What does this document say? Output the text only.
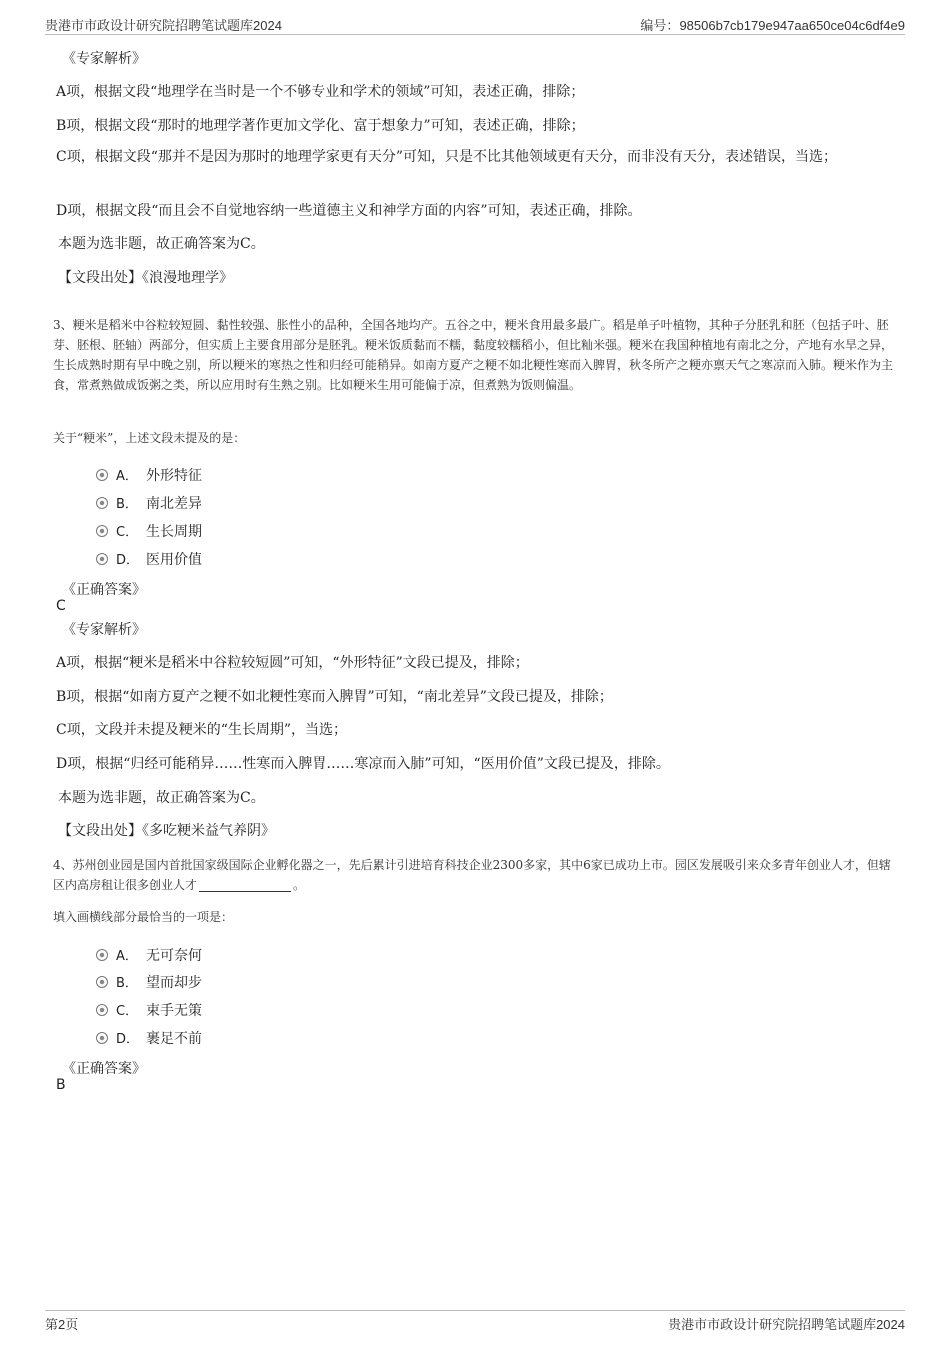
贵港市市政设计研究院招聘笔试题库2024	编号：98506b7cb179e947aa650ce04c6df4e9
《专家解析》
A项，根据文段“地理学在当时是一个不够专业和学术的领域”可知，表述正确，排除；
B项，根据文段“那时的地理学著作更加文学化、富于想象力”可知，表述正确，排除；
C项，根据文段“那并不是因为那时的地理学家更有天分”可知，只是不比其他领域更有天分，而非没有天分，表述错误，当选；
D项，根据文段“而且会不自觉地容纳一些道德主义和神学方面的内容”可知，表述正确，排除。
本题为选非题，故正确答案为C。
【文段出处】《浪漫地理学》
3、粳米是稻米中谷粒较短圆、黏性较强、胀性小的品种，全国各地均产。五谷之中，粳米食用最多最广。稻是单子叶植物，其种子分胚乳和胚（包括子叶、胚芽、胚根、胚轴）两部分，但实质上主要食用部分是胚乳。粳米饭质黏而不糯，黏度较糯稻小，但比籼米强。粳米在我国种植地有南北之分，产地有水旱之异，生长成熟时期有早中晚之别，所以粳米的寒热之性和归经可能稍异。如南方夏产之粳不如北粳性寒而入脾胃，秋冬所产之粳亦禀天气之寒凉而入肺。粳米作为主食，常煮熟做成饭粥之类，所以应用时有生熟之别。比如粳米生用可能偏于凉，但煮熟为饭则偏温。
关于“粳米”，上述文段未提及的是：
A． 外形特征
B． 南北差异
C． 生长周期
D． 医用价值
《正确答案》
C
《专家解析》
A项，根据“粳米是稻米中谷粒较短圆”可知，“外形特征”文段已提及，排除；
B项，根据“如南方夏产之粳不如北粳性寒而入脾胃”可知，“南北差异”文段已提及，排除；
C项，文段并未提及粳米的“生长周期”，当选；
D项，根据“归经可能稍异……性寒而入脾胃……寒凉而入肺”可知，“医用价值”文段已提及，排除。
本题为选非题，故正确答案为C。
【文段出处】《多吃粳米益气养阴》
4、苏州创业园是国内首批国家级国际企业孵化器之一，先后累计引进培育科技企业2300多家，其中6家已成功上市。园区发展吸引来众多青年创业人才，但辖区内高房租让很多创业人才	。
填入画横线部分最恰当的一项是：
A． 无可奈何
B． 望而却步
C． 束手无策
D． 裹足不前
《正确答案》
B
第2页	贵港市市政设计研究院招聘笔试题库2024
